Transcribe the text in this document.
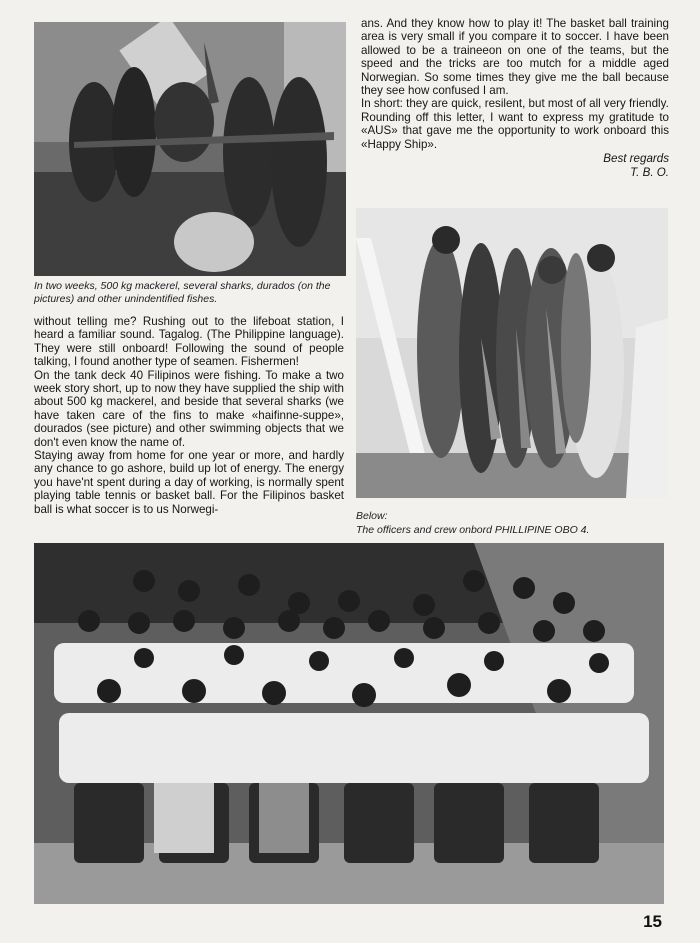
In two weeks, 500 kg mackerel, several sharks, durados (on the pictures) and other unindentified fishes.

without telling me? Rushing out to the lifeboat station, I heard a familiar sound. Tagalog. (The Philippine language). They were still onboard! Following the sound of people talking, I found another type of seamen. Fishermen!

On the tank deck 40 Filipinos were fishing. To make a two week story short, up to now they have supplied the ship with about 500 kg mackerel, and beside that several sharks (we have taken care of the fins to make «haifinne-suppe», dourados (see picture) and other swimming objects that we don't even know the name of.

Staying away from home for one year or more, and hardly any chance to go ashore, build up lot of energy. The energy you have'nt spent during a day of working, is normally spent playing table tennis or basket ball. For the Filipinos basket ball is what soccer is to us Norwegi-

ans. And they know how to play it! The basket ball training area is very small if you compare it to soccer. I have been allowed to be a traineeon on one of the teams, but the speed and the tricks are too mutch for a middle aged Norwegian. So some times they give me the ball because they see how confused I am.

In short: they are quick, resilent, but most of all very friendly.

Rounding off this letter, I want to express my gratitude to «AUS» that gave me the opportunity to work onboard this «Happy Ship».

Best regards
T. B. O.
Below:
The officers and crew onbord PHILLIPINE OBO 4.
15
